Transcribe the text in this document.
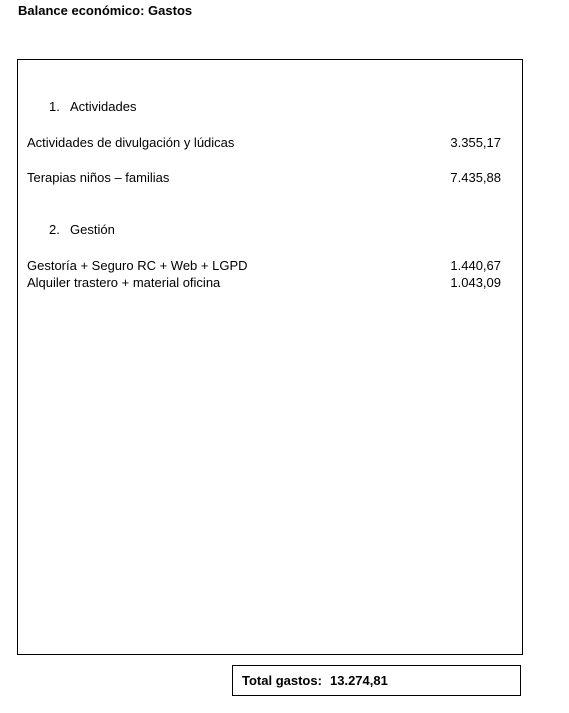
Balance económico: Gastos
1. Actividades
Actividades de divulgación y lúdicas	3.355,17
Terapias niños – familias	7.435,88
2. Gestión
Gestoría + Seguro RC + Web + LGPD	1.440,67
Alquiler trastero + material oficina	1.043,09
Total gastos: 13.274,81
